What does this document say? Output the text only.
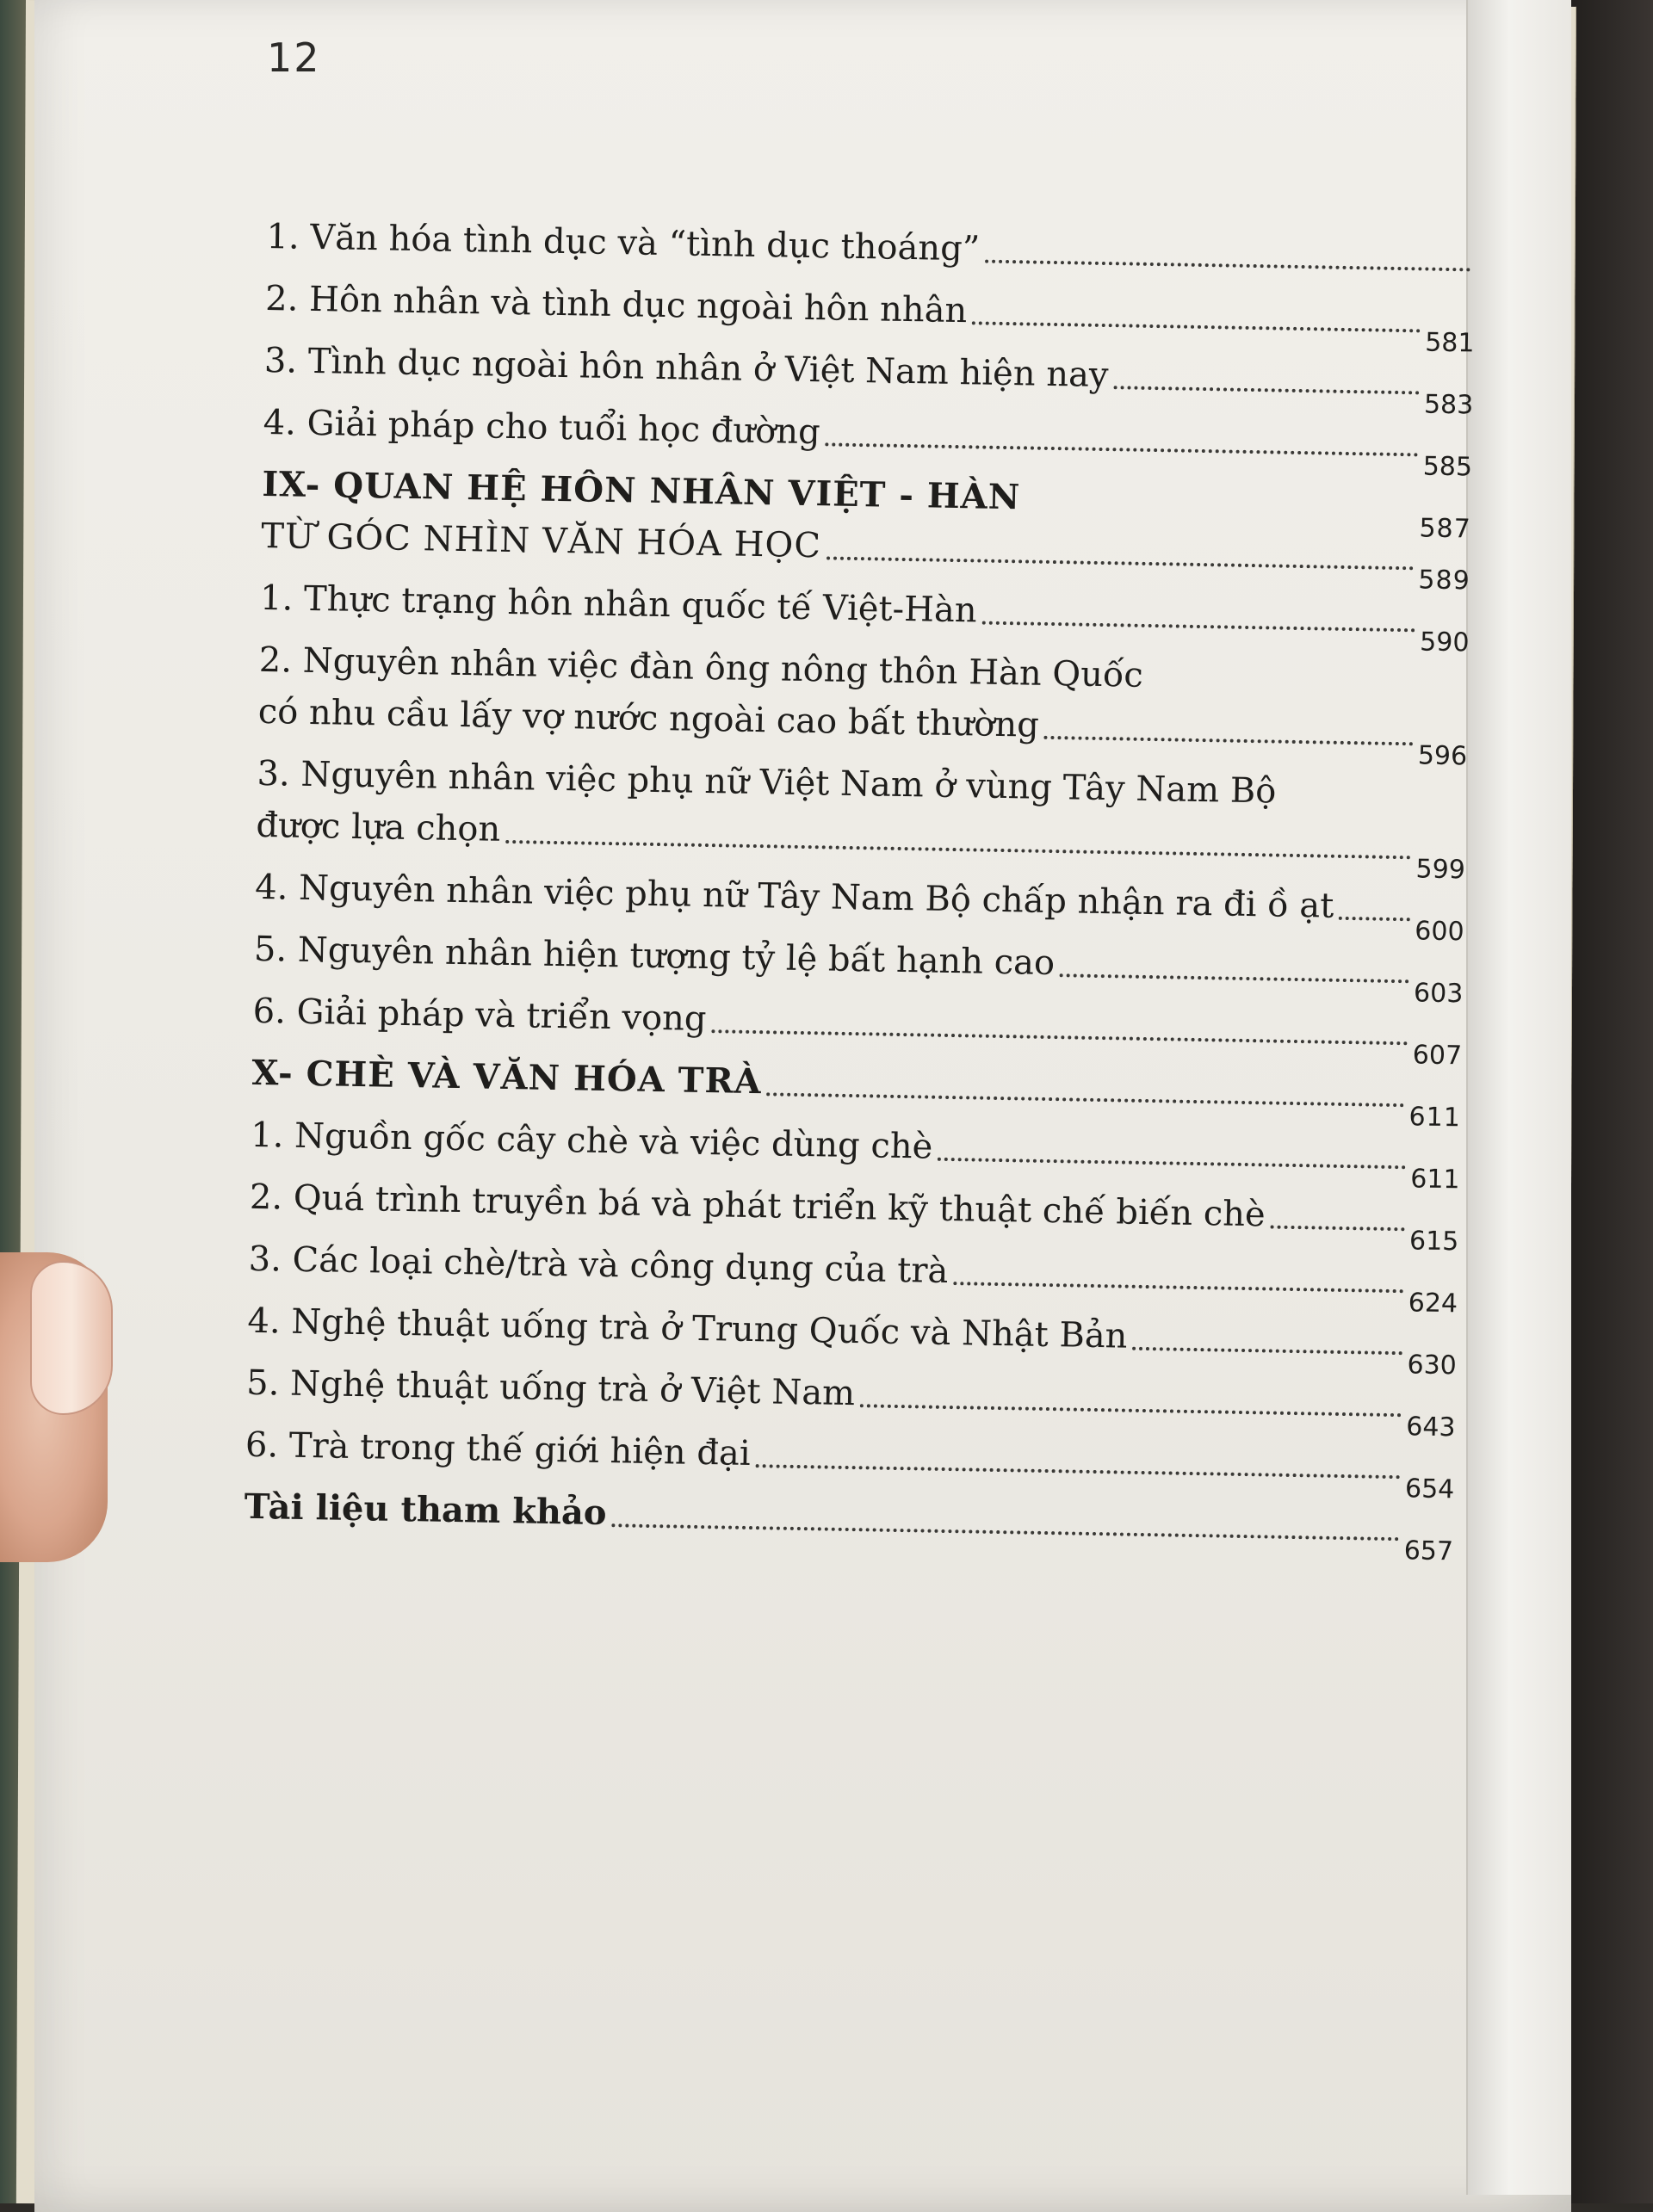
12
1. Văn hóa tình dục và “tình dục thoáng”
2. Hôn nhân và tình dục ngoài hôn nhân
581
3. Tình dục ngoài hôn nhân ở Việt Nam hiện nay
583
4. Giải pháp cho tuổi học đường
585
IX- QUAN HỆ HÔN NHÂN VIỆT - HÀN
587
TỪ GÓC NHÌN VĂN HÓA HỌC
589
1. Thực trạng hôn nhân quốc tế Việt-Hàn
590
2. Nguyên nhân việc đàn ông nông thôn Hàn Quốc
có nhu cầu lấy vợ nước ngoài cao bất thường
596
3. Nguyên nhân việc phụ nữ Việt Nam ở vùng Tây Nam Bộ
được lựa chọn
599
4. Nguyên nhân việc phụ nữ Tây Nam Bộ chấp nhận ra đi ồ ạt
600
5. Nguyên nhân hiện tượng tỷ lệ bất hạnh cao
603
6. Giải pháp và triển vọng
607
X- CHÈ VÀ VĂN HÓA TRÀ
611
1. Nguồn gốc cây chè và việc dùng chè
611
2. Quá trình truyền bá và phát triển kỹ thuật chế biến chè
615
3. Các loại chè/trà và công dụng của trà
624
4. Nghệ thuật uống trà ở Trung Quốc và Nhật Bản
630
5. Nghệ thuật uống trà ở Việt Nam
643
6. Trà trong thế giới hiện đại
654
Tài liệu tham khảo
657
